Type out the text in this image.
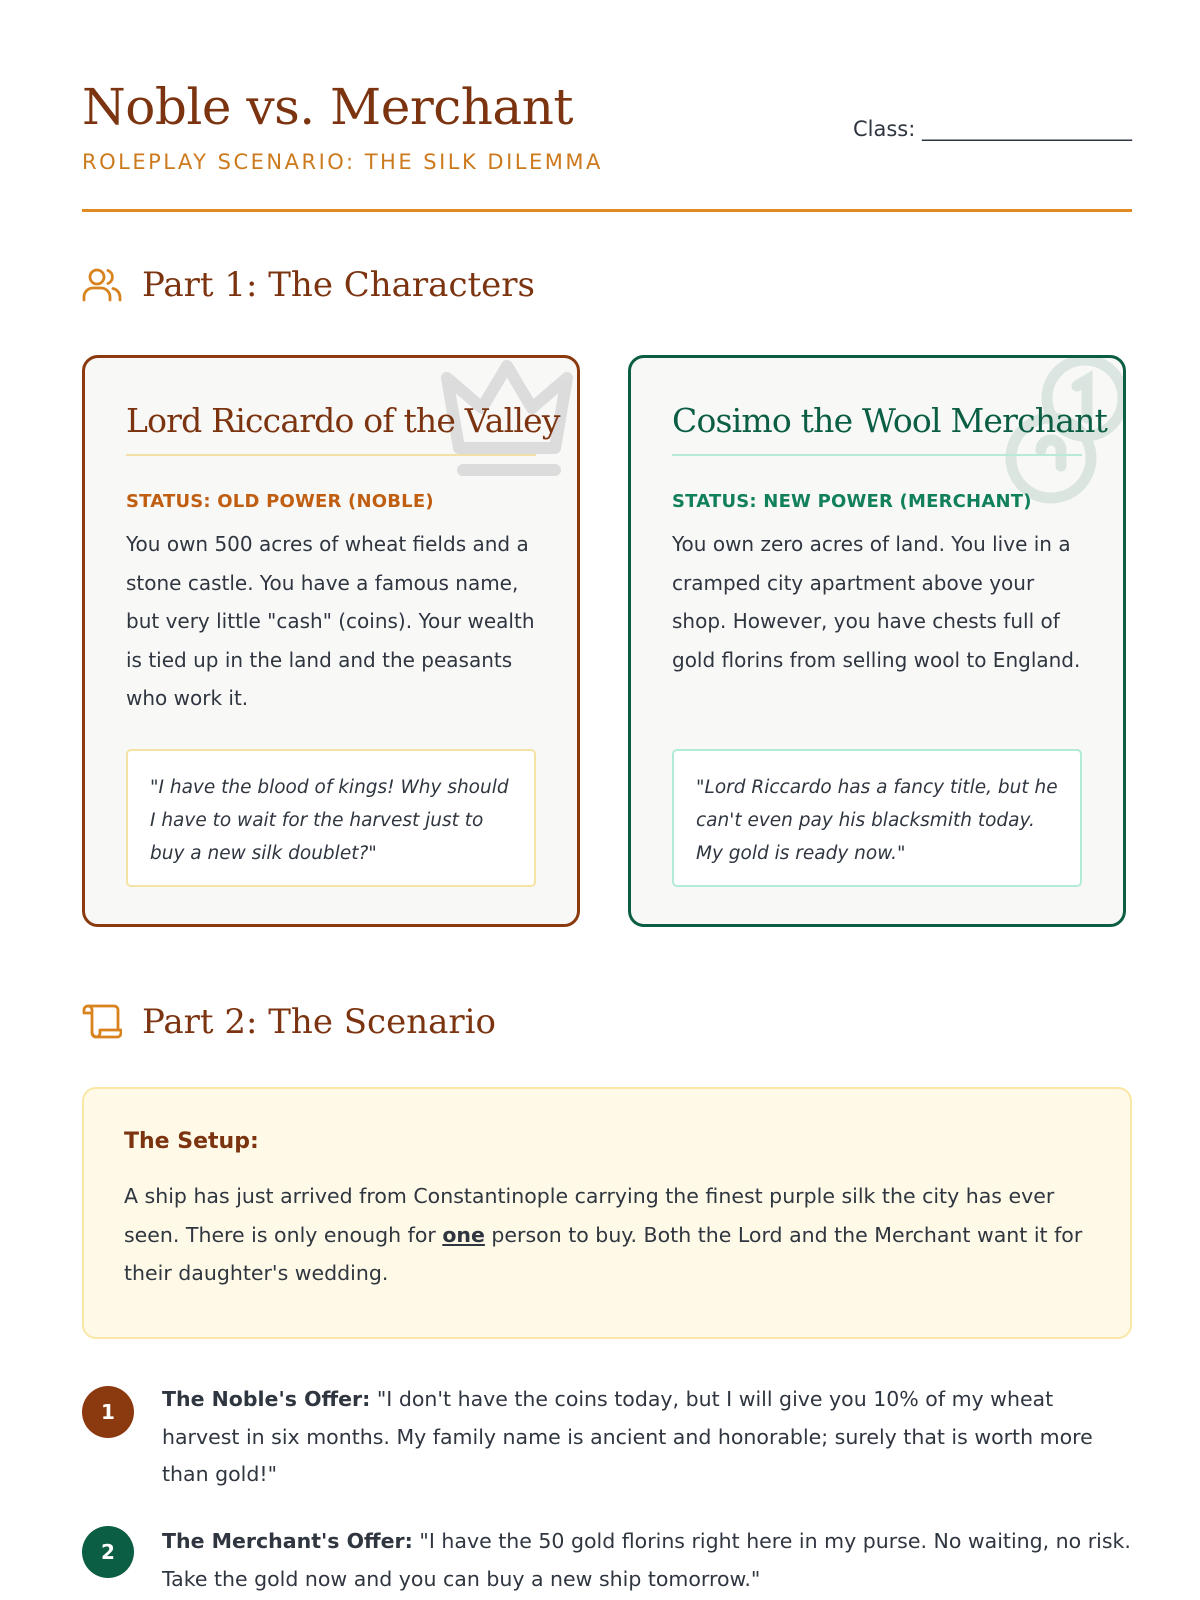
Noble vs. Merchant
ROLEPLAY SCENARIO: THE SILK DILEMMA
Class: ____________________
Part 1: The Characters
Lord Riccardo of the Valley
STATUS: OLD POWER (NOBLE)
You own 500 acres of wheat fields and a stone castle. You have a famous name, but very little "cash" (coins). Your wealth is tied up in the land and the peasants who work it.
"I have the blood of kings! Why should I have to wait for the harvest just to buy a new silk doublet?"
Cosimo the Wool Merchant
STATUS: NEW POWER (MERCHANT)
You own zero acres of land. You live in a cramped city apartment above your shop. However, you have chests full of gold florins from selling wool to England.
"Lord Riccardo has a fancy title, but he can't even pay his blacksmith today. My gold is ready now."
Part 2: The Scenario
The Setup:
A ship has just arrived from Constantinople carrying the finest purple silk the city has ever seen. There is only enough for one person to buy. Both the Lord and the Merchant want it for their daughter's wedding.
1
The Noble's Offer: "I don't have the coins today, but I will give you 10% of my wheat harvest in six months. My family name is ancient and honorable; surely that is worth more than gold!"
2	The Merchant's Offer: "I have the 50 gold florins right here in my purse. No waiting, no risk. Take the gold now and you can buy a new ship tomorrow."
